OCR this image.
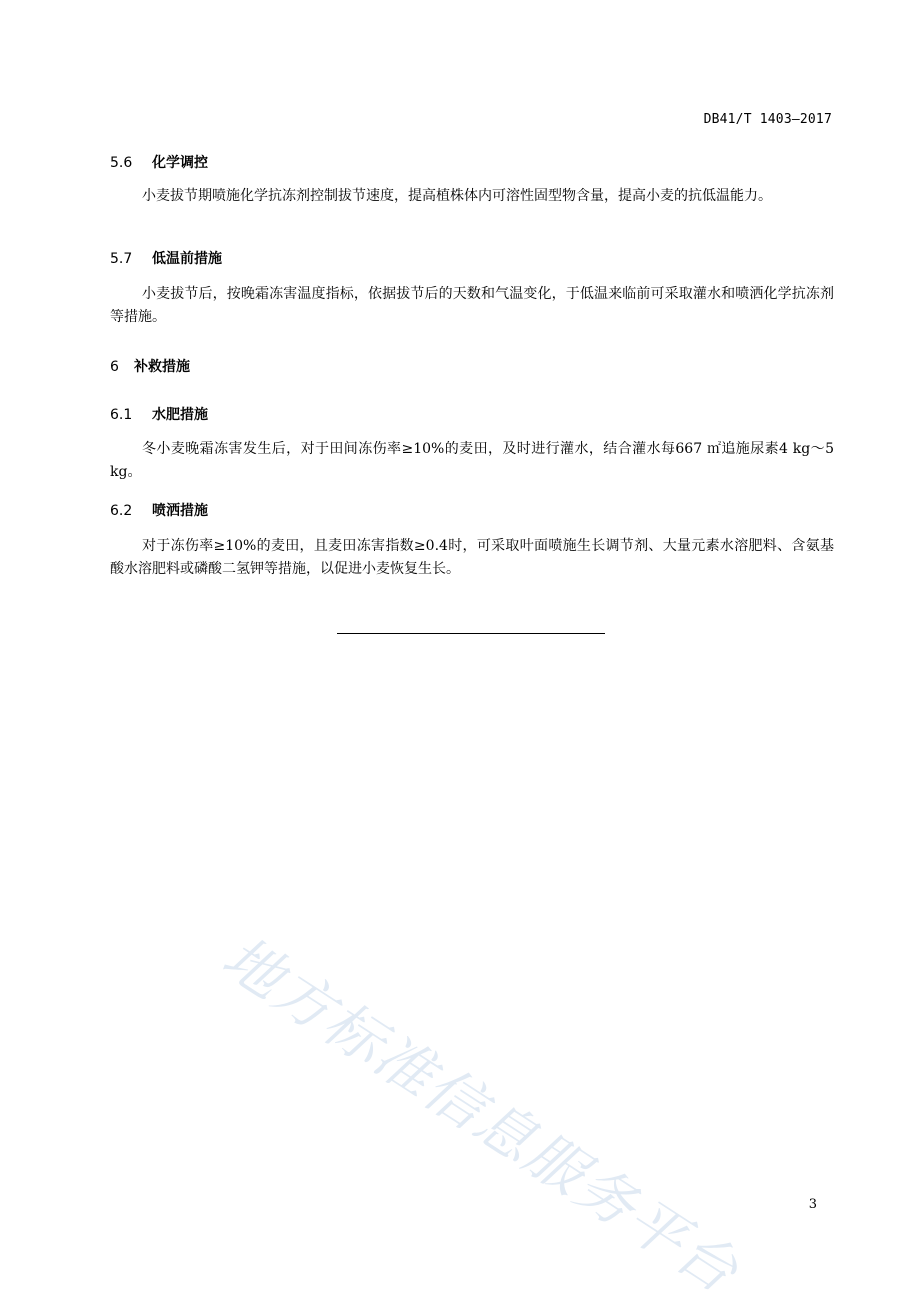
DB41/T 1403—2017
5.6 化学调控
小麦拔节期喷施化学抗冻剂控制拔节速度，提高植株体内可溶性固型物含量，提高小麦的抗低温能力。
5.7 低温前措施
小麦拔节后，按晚霜冻害温度指标，依据拔节后的天数和气温变化，于低温来临前可采取灌水和喷洒化学抗冻剂等措施。
6 补救措施
6.1 水肥措施
冬小麦晚霜冻害发生后，对于田间冻伤率≥10%的麦田，及时进行灌水，结合灌水每667 ㎡追施尿素4 kg～5 kg。
6.2 喷洒措施
对于冻伤率≥10%的麦田，且麦田冻害指数≥0.4时，可采取叶面喷施生长调节剂、大量元素水溶肥料、含氨基酸水溶肥料或磷酸二氢钾等措施，以促进小麦恢复生长。
地方标准信息服务平台	3
